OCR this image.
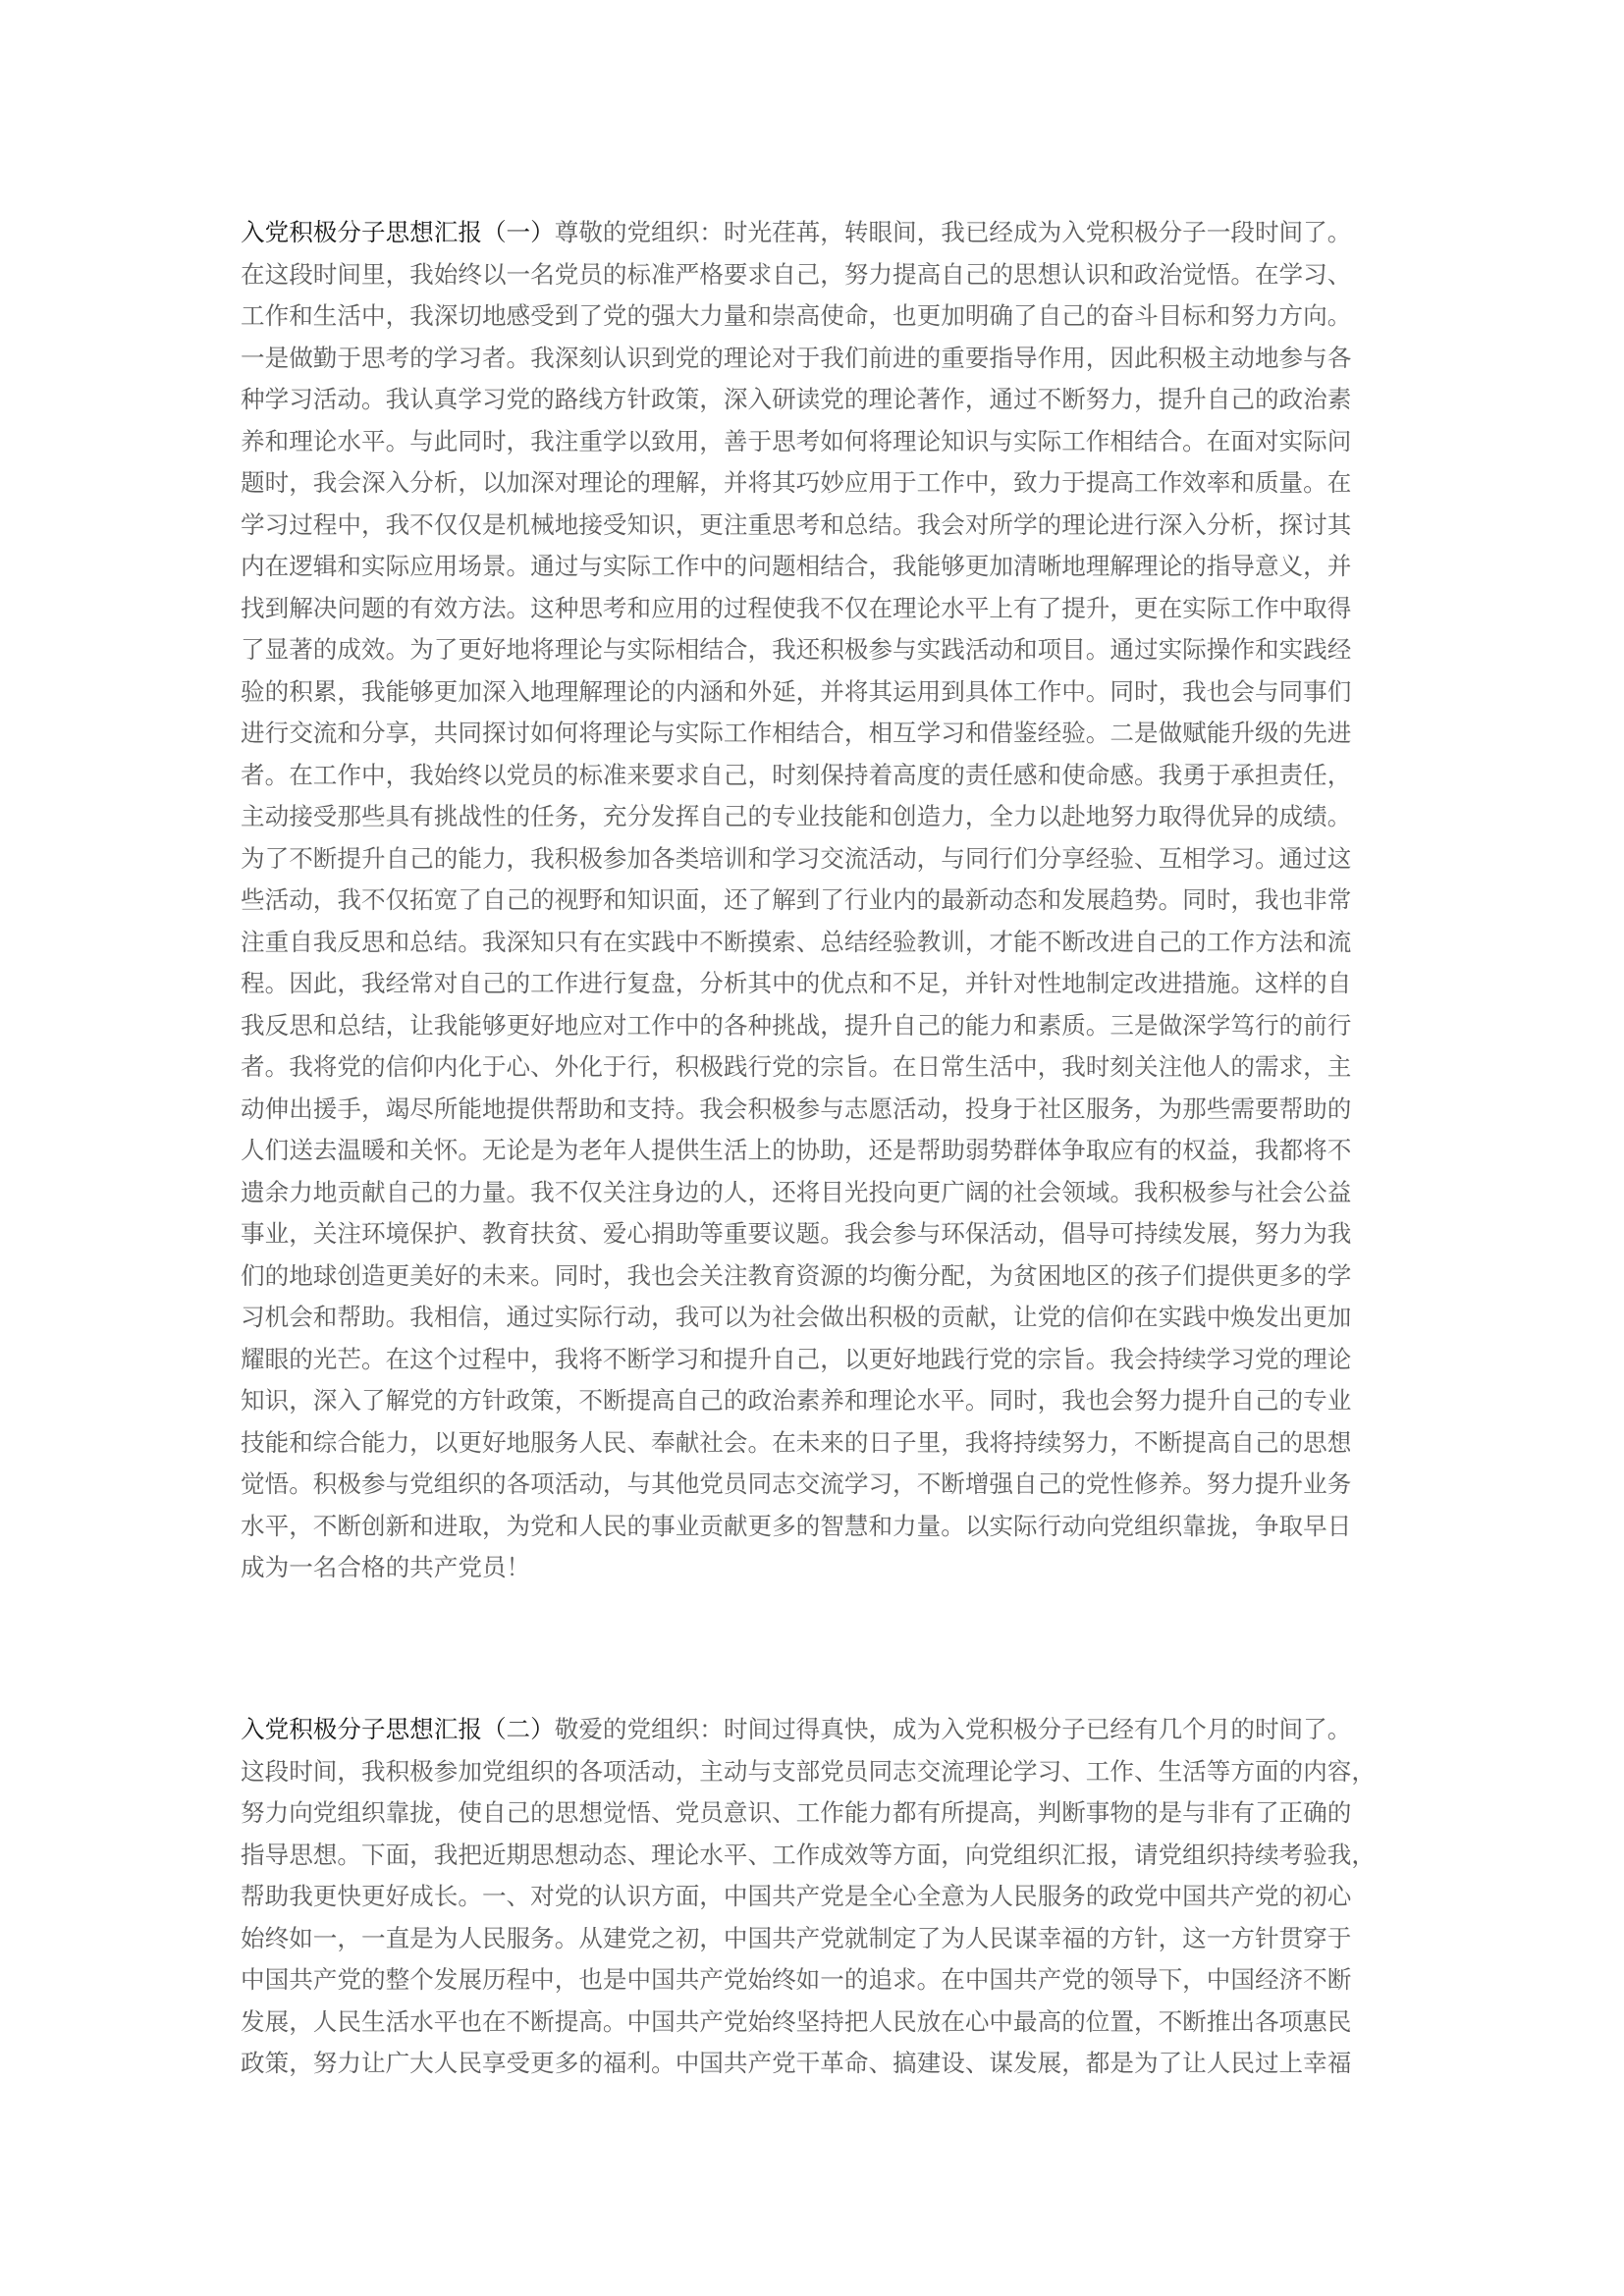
入党积极分子思想汇报（一）尊敬的党组织：时光荏苒，转眼间，我已经成为入党积极分子一段时间了。
在这段时间里，我始终以一名党员的标准严格要求自己，努力提高自己的思想认识和政治觉悟。在学习、
工作和生活中，我深切地感受到了党的强大力量和崇高使命，也更加明确了自己的奋斗目标和努力方向。
一是做勤于思考的学习者。我深刻认识到党的理论对于我们前进的重要指导作用，因此积极主动地参与各
种学习活动。我认真学习党的路线方针政策，深入研读党的理论著作，通过不断努力，提升自己的政治素
养和理论水平。与此同时，我注重学以致用，善于思考如何将理论知识与实际工作相结合。在面对实际问
题时，我会深入分析，以加深对理论的理解，并将其巧妙应用于工作中，致力于提高工作效率和质量。在
学习过程中，我不仅仅是机械地接受知识，更注重思考和总结。我会对所学的理论进行深入分析，探讨其
内在逻辑和实际应用场景。通过与实际工作中的问题相结合，我能够更加清晰地理解理论的指导意义，并
找到解决问题的有效方法。这种思考和应用的过程使我不仅在理论水平上有了提升，更在实际工作中取得
了显著的成效。为了更好地将理论与实际相结合，我还积极参与实践活动和项目。通过实际操作和实践经
验的积累，我能够更加深入地理解理论的内涵和外延，并将其运用到具体工作中。同时，我也会与同事们
进行交流和分享，共同探讨如何将理论与实际工作相结合，相互学习和借鉴经验。二是做赋能升级的先进
者。在工作中，我始终以党员的标准来要求自己，时刻保持着高度的责任感和使命感。我勇于承担责任，
主动接受那些具有挑战性的任务，充分发挥自己的专业技能和创造力，全力以赴地努力取得优异的成绩。
为了不断提升自己的能力，我积极参加各类培训和学习交流活动，与同行们分享经验、互相学习。通过这
些活动，我不仅拓宽了自己的视野和知识面，还了解到了行业内的最新动态和发展趋势。同时，我也非常
注重自我反思和总结。我深知只有在实践中不断摸索、总结经验教训，才能不断改进自己的工作方法和流
程。因此，我经常对自己的工作进行复盘，分析其中的优点和不足，并针对性地制定改进措施。这样的自
我反思和总结，让我能够更好地应对工作中的各种挑战，提升自己的能力和素质。三是做深学笃行的前行
者。我将党的信仰内化于心、外化于行，积极践行党的宗旨。在日常生活中，我时刻关注他人的需求，主
动伸出援手，竭尽所能地提供帮助和支持。我会积极参与志愿活动，投身于社区服务，为那些需要帮助的
人们送去温暖和关怀。无论是为老年人提供生活上的协助，还是帮助弱势群体争取应有的权益，我都将不
遗余力地贡献自己的力量。我不仅关注身边的人，还将目光投向更广阔的社会领域。我积极参与社会公益
事业，关注环境保护、教育扶贫、爱心捐助等重要议题。我会参与环保活动，倡导可持续发展，努力为我
们的地球创造更美好的未来。同时，我也会关注教育资源的均衡分配，为贫困地区的孩子们提供更多的学
习机会和帮助。我相信，通过实际行动，我可以为社会做出积极的贡献，让党的信仰在实践中焕发出更加
耀眼的光芒。在这个过程中，我将不断学习和提升自己，以更好地践行党的宗旨。我会持续学习党的理论
知识，深入了解党的方针政策，不断提高自己的政治素养和理论水平。同时，我也会努力提升自己的专业
技能和综合能力，以更好地服务人民、奉献社会。在未来的日子里，我将持续努力，不断提高自己的思想
觉悟。积极参与党组织的各项活动，与其他党员同志交流学习，不断增强自己的党性修养。努力提升业务
水平，不断创新和进取，为党和人民的事业贡献更多的智慧和力量。以实际行动向党组织靠拢，争取早日
成为一名合格的共产党员！
入党积极分子思想汇报（二）敬爱的党组织：时间过得真快，成为入党积极分子已经有几个月的时间了。
这段时间，我积极参加党组织的各项活动，主动与支部党员同志交流理论学习、工作、生活等方面的内容，
努力向党组织靠拢，使自己的思想觉悟、党员意识、工作能力都有所提高，判断事物的是与非有了正确的
指导思想。下面，我把近期思想动态、理论水平、工作成效等方面，向党组织汇报，请党组织持续考验我，
帮助我更快更好成长。一、对党的认识方面，中国共产党是全心全意为人民服务的政党中国共产党的初心
始终如一，一直是为人民服务。从建党之初，中国共产党就制定了为人民谋幸福的方针，这一方针贯穿于
中国共产党的整个发展历程中，也是中国共产党始终如一的追求。在中国共产党的领导下，中国经济不断
发展，人民生活水平也在不断提高。中国共产党始终坚持把人民放在心中最高的位置，不断推出各项惠民
政策，努力让广大人民享受更多的福利。中国共产党干革命、搞建设、谋发展，都是为了让人民过上幸福
